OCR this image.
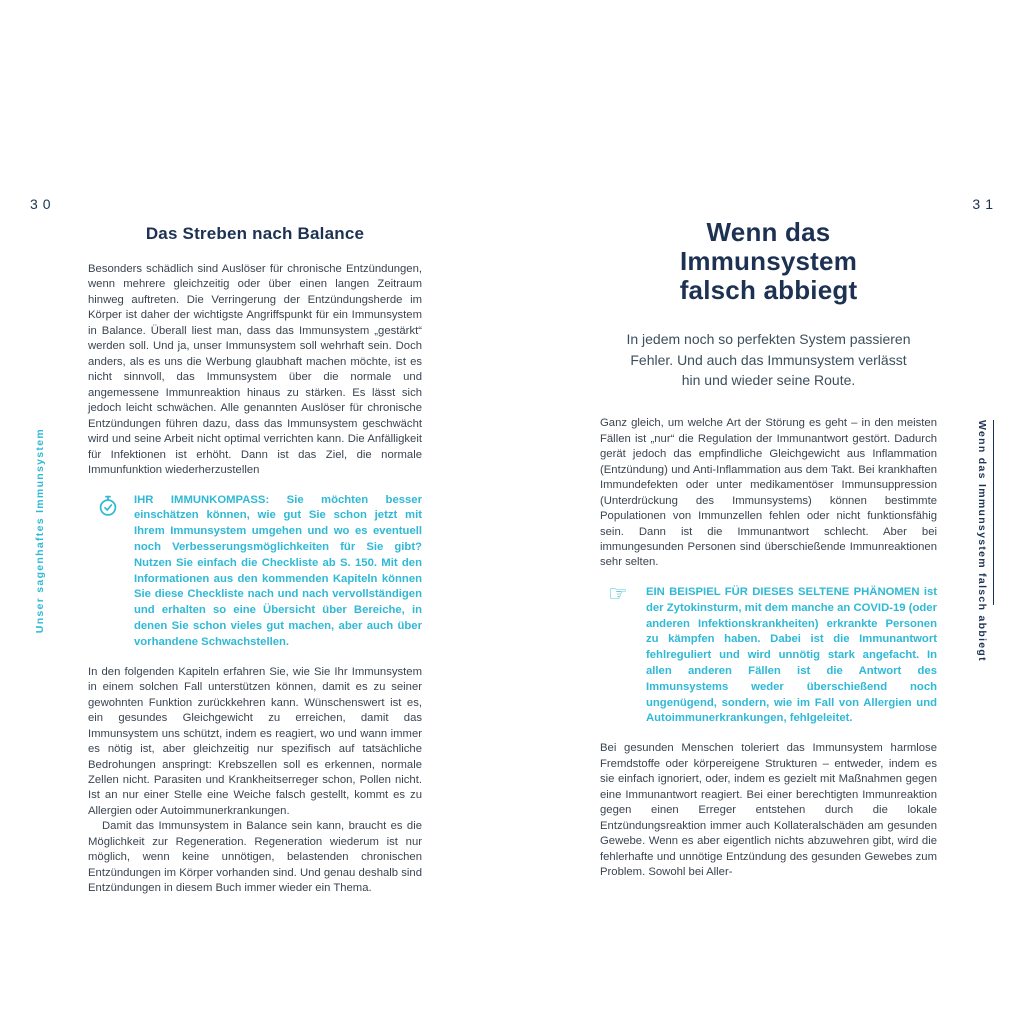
30	31
Unser sagenhaftes Immunsystem	Wenn das Immunsystem falsch abbiegt
Das Streben nach Balance

Besonders schädlich sind Auslöser für chronische Entzündungen, wenn mehrere gleichzeitig oder über einen langen Zeitraum hinweg auftreten. Die Verringerung der Entzündungsherde im Körper ist daher der wichtigste Angriffspunkt für ein Immunsystem in Balance. Überall liest man, dass das Immunsystem „gestärkt“ werden soll. Und ja, unser Immunsystem soll wehrhaft sein. Doch anders, als es uns die Werbung glaubhaft machen möchte, ist es nicht sinnvoll, das Immunsystem über die normale und angemessene Immunreaktion hinaus zu stärken. Es lässt sich jedoch leicht schwächen. Alle genannten Auslöser für chronische Entzündungen führen dazu, dass das Immunsystem geschwächt wird und seine Arbeit nicht optimal verrichten kann. Die Anfälligkeit für Infektionen ist erhöht. Dann ist das Ziel, die normale Immunfunktion wiederherzustellen

IHR IMMUNKOMPASS: Sie möchten besser einschätzen können, wie gut Sie schon jetzt mit Ihrem Immunsystem umgehen und wo es eventuell noch Verbesserungsmöglichkeiten für Sie gibt? Nutzen Sie einfach die Checkliste ab S. 150. Mit den Informationen aus den kommenden Kapiteln können Sie diese Checkliste nach und nach vervollständigen und erhalten so eine Übersicht über Bereiche, in denen Sie schon vieles gut machen, aber auch über vorhandene Schwachstellen.

In den folgenden Kapiteln erfahren Sie, wie Sie Ihr Immunsystem in einem solchen Fall unterstützen können, damit es zu seiner gewohnten Funktion zurückkehren kann. Wünschenswert ist es, ein gesundes Gleichgewicht zu erreichen, damit das Immunsystem uns schützt, indem es reagiert, wo und wann immer es nötig ist, aber gleichzeitig nur spezifisch auf tatsächliche Bedrohungen anspringt: Krebszellen soll es erkennen, normale Zellen nicht. Parasiten und Krankheitserreger schon, Pollen nicht. Ist an nur einer Stelle eine Weiche falsch gestellt, kommt es zu Allergien oder Autoimmunerkrankungen.

Damit das Immunsystem in Balance sein kann, braucht es die Möglichkeit zur Regeneration. Regeneration wiederum ist nur möglich, wenn keine unnötigen, belastenden chronischen Entzündungen im Körper vorhanden sind. Und genau deshalb sind Entzündungen in diesem Buch immer wieder ein Thema.

Wenn das
Immunsystem
falsch abbiegt
In jedem noch so perfekten System passieren Fehler. Und auch das Immunsystem verlässt hin und wieder seine Route.

Ganz gleich, um welche Art der Störung es geht – in den meisten Fällen ist „nur“ die Regulation der Immunantwort gestört. Dadurch gerät jedoch das empfindliche Gleichgewicht aus Inflammation (Entzündung) und Anti-Inflammation aus dem Takt. Bei krankhaften Immundefekten oder unter medikamentöser Immunsuppression (Unterdrückung des Immunsystems) können bestimmte Populationen von Immunzellen fehlen oder nicht funktionsfähig sein. Dann ist die Immunantwort schlecht. Aber bei immungesunden Personen sind überschießende Immunreaktionen sehr selten.

☞ EIN BEISPIEL FÜR DIESES SELTENE PHÄNOMEN ist der Zytokinsturm, mit dem manche an COVID-19 (oder anderen Infektionskrankheiten) erkrankte Personen zu kämpfen haben. Dabei ist die Immunantwort fehlreguliert und wird unnötig stark angefacht. In allen anderen Fällen ist die Antwort des Immunsystems weder überschießend noch ungenügend, sondern, wie im Fall von Allergien und Autoimmunerkrankungen, fehlgeleitet.

Bei gesunden Menschen toleriert das Immunsystem harmlose Fremdstoffe oder körpereigene Strukturen – entweder, indem es sie einfach ignoriert, oder, indem es gezielt mit Maßnahmen gegen eine Immunantwort reagiert. Bei einer berechtigten Immunreaktion gegen einen Erreger entstehen durch die lokale Entzündungsreaktion immer auch Kollateralschäden am gesunden Gewebe. Wenn es aber eigentlich nichts abzuwehren gibt, wird die fehlerhafte und unnötige Entzündung des gesunden Gewebes zum Problem. Sowohl bei Aller-
